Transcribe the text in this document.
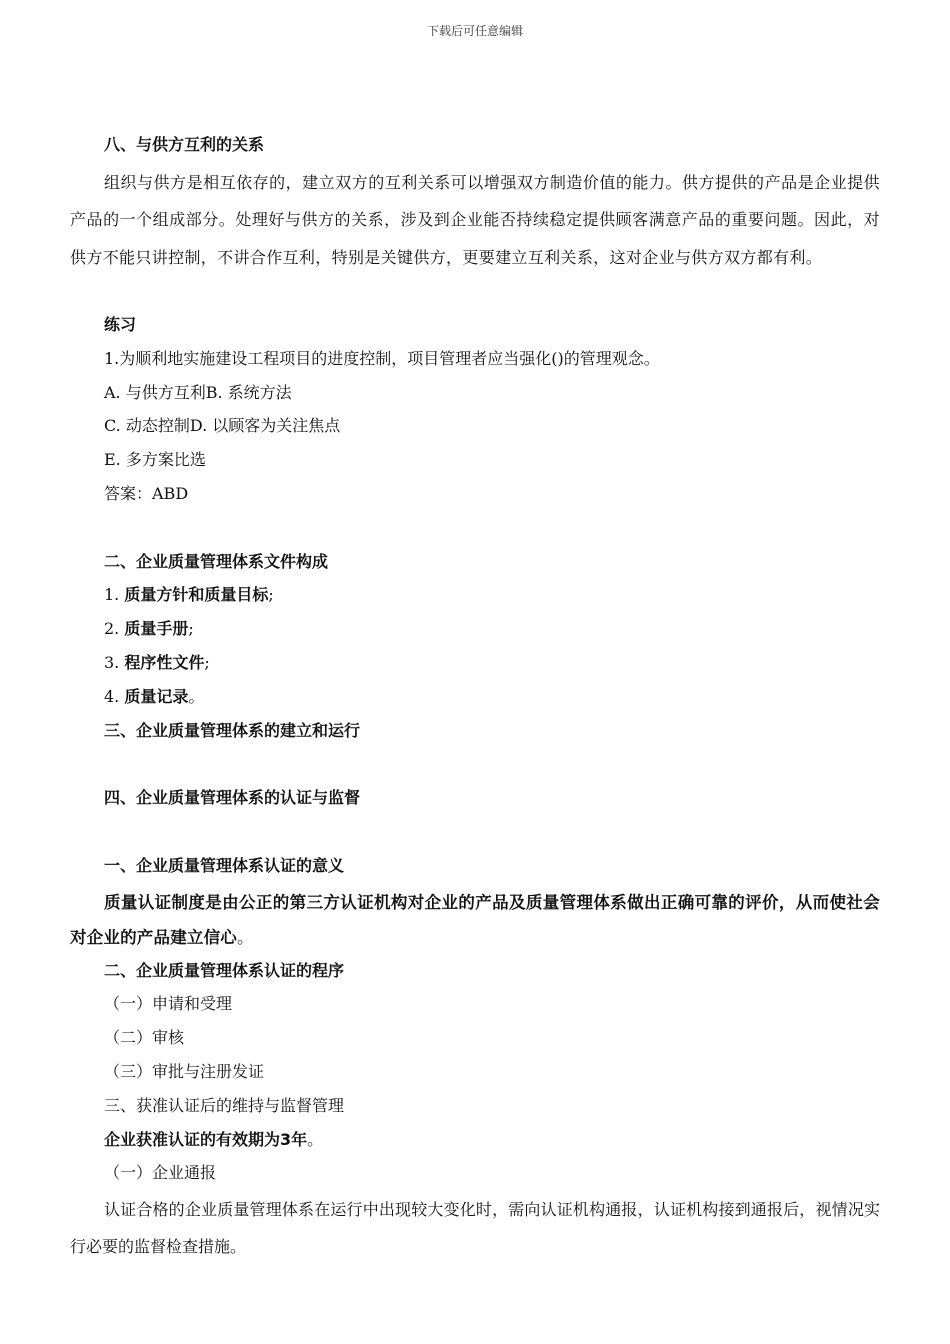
下载后可任意编辑
八、与供方互利的关系
组织与供方是相互依存的，建立双方的互利关系可以增强双方制造价值的能力。供方提供的产品是企业提供产品的一个组成部分。处理好与供方的关系，涉及到企业能否持续稳定提供顾客满意产品的重要问题。因此，对供方不能只讲控制，不讲合作互利，特别是关键供方，更要建立互利关系，这对企业与供方双方都有利。
练习
1.为顺利地实施建设工程项目的进度控制，项目管理者应当强化()的管理观念。
A. 与供方互利B. 系统方法
C. 动态控制D. 以顾客为关注焦点
E. 多方案比选
答案：ABD
二、企业质量管理体系文件构成
1. 质量方针和质量目标;
2. 质量手册;
3. 程序性文件;
4. 质量记录。
三、企业质量管理体系的建立和运行
四、企业质量管理体系的认证与监督
一、企业质量管理体系认证的意义
质量认证制度是由公正的第三方认证机构对企业的产品及质量管理体系做出正确可靠的评价，从而使社会对企业的产品建立信心。
二、企业质量管理体系认证的程序
（一）申请和受理
（二）审核
（三）审批与注册发证
三、获准认证后的维持与监督管理
企业获准认证的有效期为3年。
（一）企业通报
认证合格的企业质量管理体系在运行中出现较大变化时，需向认证机构通报，认证机构接到通报后，视情况实行必要的监督检查措施。
